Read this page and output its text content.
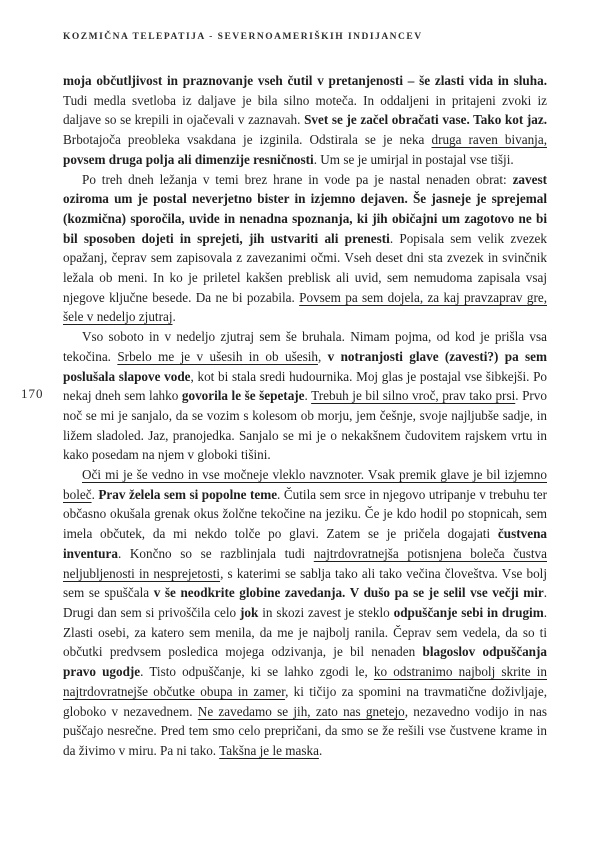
KOZMIČNA TELEPATIJA - SEVERNOAMERIŠKIH INDIJANCEV
170

moja občutljivost in praznovanje vseh čutil v pretanjenosti – še zlasti vida in sluha. Tudi medla svetloba iz daljave je bila silno moteča. In oddaljeni in pritajeni zvoki iz daljave so se krepili in ojačevali v zaznavah. Svet se je začel obračati vase. Tako kot jaz. Brbotajoča preobleka vsakdana je izginila. Odstirala se je neka druga raven bivanja, povsem druga polja ali dimenzije resničnosti. Um se je umirjal in postajal vse tišji.

Po treh dneh ležanja v temi brez hrane in vode pa je nastal nenaden obrat: zavest oziroma um je postal neverjetno bister in izjemno dejaven. Še jasneje je sprejemal (kozmična) sporočila, uvide in nenadna spoznanja, ki jih običajni um zagotovo ne bi bil sposoben dojeti in sprejeti, jih ustvariti ali prenesti. Popisala sem velik zvezek opažanj, čeprav sem zapisovala z zavezanimi očmi. Vseh deset dni sta zvezek in svinčnik ležala ob meni. In ko je priletel kakšen preblisk ali uvid, sem nemudoma zapisala vsaj njegove ključne besede. Da ne bi pozabila. Povsem pa sem dojela, za kaj pravzaprav gre, šele v nedeljo zjutraj.

Vso soboto in v nedeljo zjutraj sem še bruhala. Nimam pojma, od kod je prišla vsa tekočina. Srbelo me je v ušesih in ob ušesih, v notranjosti glave (zavesti?) pa sem poslušala slapove vode, kot bi stala sredi hudournika. Moj glas je postajal vse šibkejši. Po nekaj dneh sem lahko govorila le še šepetaje. Trebuh je bil silno vroč, prav tako prsi. Prvo noč se mi je sanjalo, da se vozim s kolesom ob morju, jem češnje, svoje najljubše sadje, in ližem sladoled. Jaz, pranojedka. Sanjalo se mi je o nekakšnem čudovitem rajskem vrtu in kako posedam na njem v globoki tišini.

Oči mi je še vedno in vse močneje vleklo navznoter. Vsak premik glave je bil izjemno boleč. Prav želela sem si popolne teme. Čutila sem srce in njegovo utripanje v trebuhu ter občasno okušala grenak okus žolčne tekočine na jeziku. Če je kdo hodil po stopnicah, sem imela občutek, da mi nekdo tolče po glavi. Zatem se je pričela dogajati čustvena inventura. Končno so se razblinjala tudi najtrdovratnejša potisnjena boleča čustva neljubljenosti in nesprejetosti, s katerimi se sablja tako ali tako večina človeštva. Vse bolj sem se spuščala v še neodkrite globine zavedanja. V dušo pa se je selil vse večji mir. Drugi dan sem si privoščila celo jok in skozi zavest je steklo odpuščanje sebi in drugim. Zlasti osebi, za katero sem menila, da me je najbolj ranila. Čeprav sem vedela, da so ti občutki predvsem posledica mojega odzivanja, je bil nenaden blagoslov odpuščanja pravo ugodje. Tisto odpuščanje, ki se lahko zgodi le, ko odstranimo najbolj skrite in najtrdovratnejše občutke obupa in zamer, ki tičijo za spomini na travmatične doživljaje, globoko v nezavednem. Ne zavedamo se jih, zato nas gnetejo, nezavedno vodijo in nas puščajo nesrečne. Pred tem smo celo prepričani, da smo se že rešili vse čustvene krame in da živimo v miru. Pa ni tako. Takšna je le maska.
